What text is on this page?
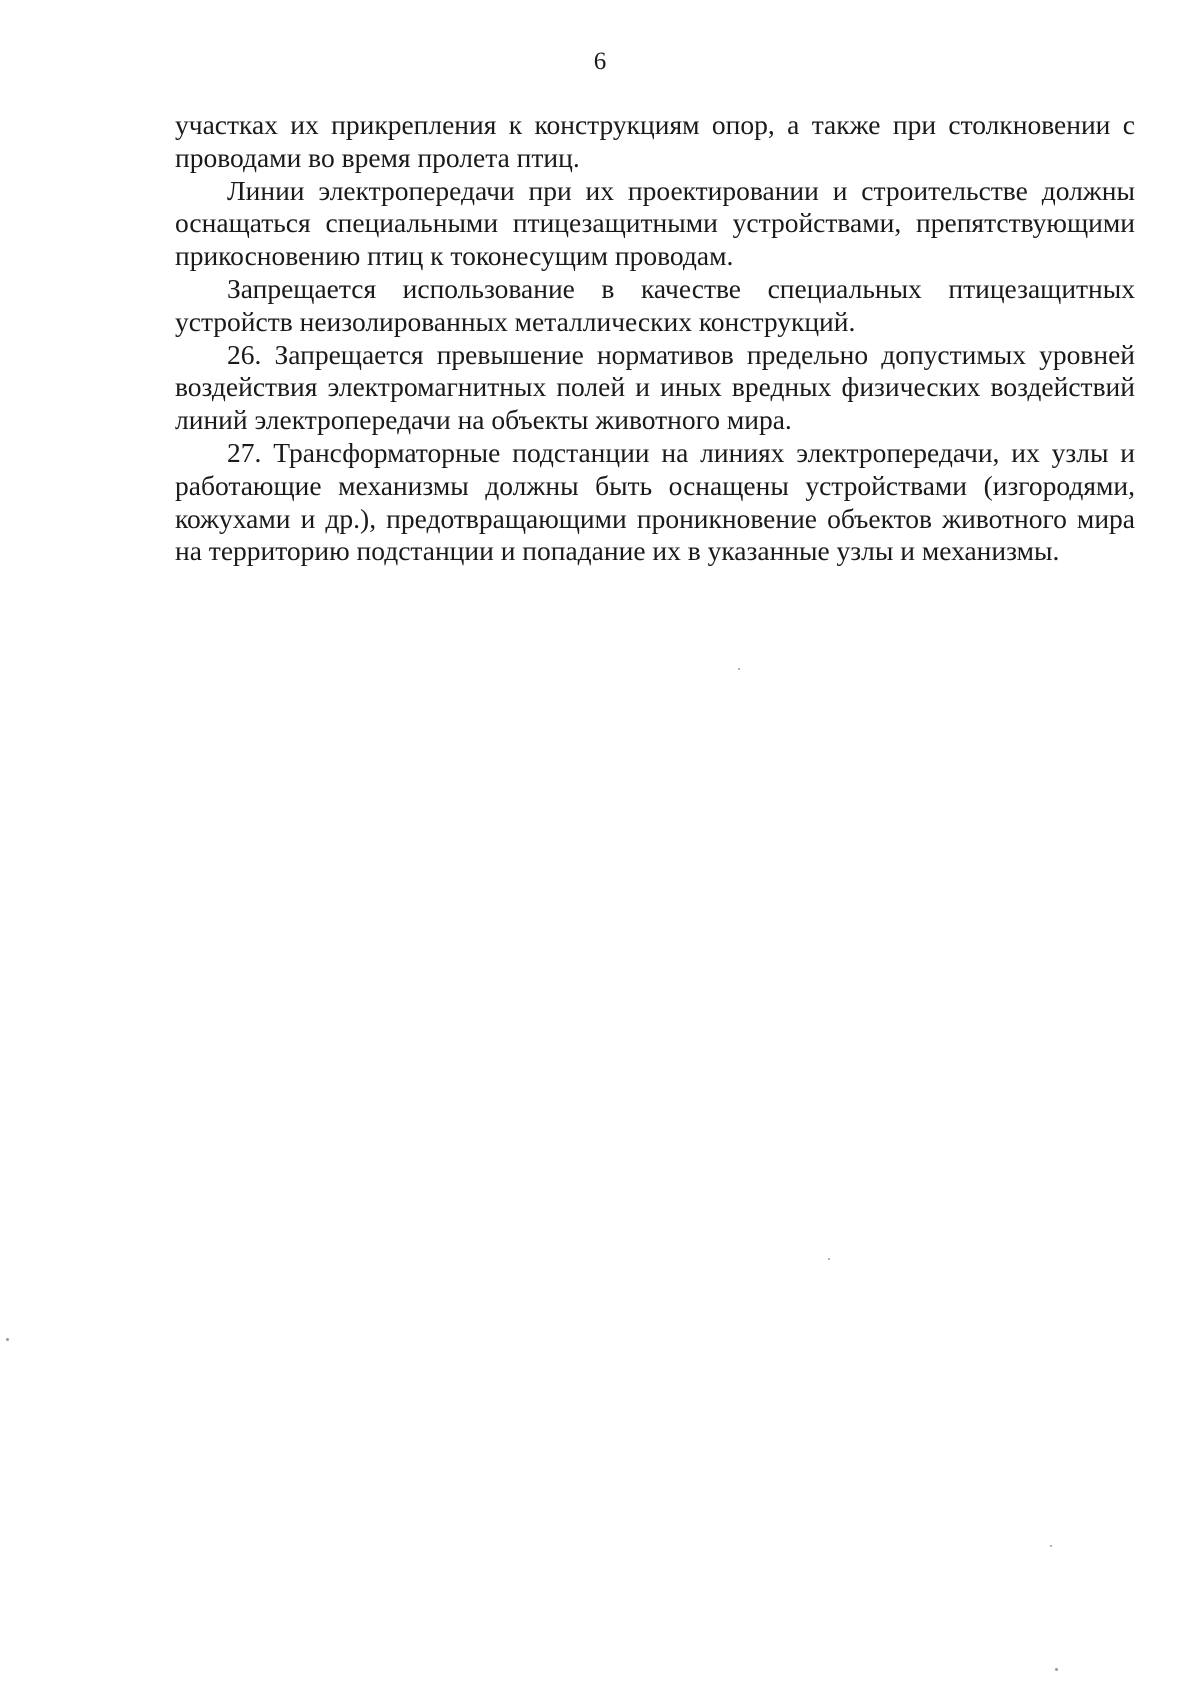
6

участках их прикрепления к конструкциям опор, а также при столкновении с проводами во время пролета птиц.

Линии электропередачи при их проектировании и строительстве должны оснащаться специальными птицезащитными устройствами, препятствующими прикосновению птиц к токонесущим проводам.

Запрещается использование в качестве специальных птицезащитных устройств неизолированных металлических конструкций.

26. Запрещается превышение нормативов предельно допустимых уровней воздействия электромагнитных полей и иных вредных физических воздействий линий электропередачи на объекты животного мира.

27. Трансформаторные подстанции на линиях электропередачи, их узлы и работающие механизмы должны быть оснащены устройствами (изгородями, кожухами и др.), предотвращающими проникновение объектов животного мира на территорию подстанции и попадание их в указанные узлы и механизмы.
